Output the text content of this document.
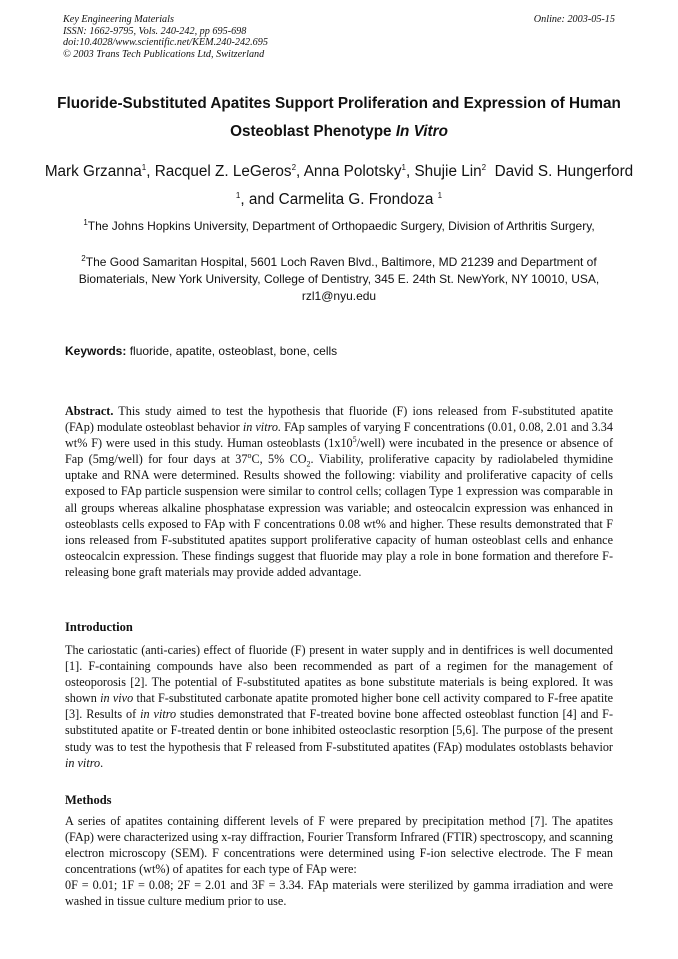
Key Engineering Materials
ISSN: 1662-9795, Vols. 240-242, pp 695-698
doi:10.4028/www.scientific.net/KEM.240-242.695
© 2003 Trans Tech Publications Ltd, Switzerland
Online: 2003-05-15
Fluoride-Substituted Apatites Support Proliferation and Expression of Human Osteoblast Phenotype In Vitro
Mark Grzanna$^1$, Racquel Z. LeGeros$^2$, Anna Polotsky$^1$, Shujie Lin$^2$ David S. Hungerford $^1$, and Carmelita G. Frondoza $^1$
$^1$The Johns Hopkins University, Department of Orthopaedic Surgery, Division of Arthritis Surgery,
$^2$The Good Samaritan Hospital, 5601 Loch Raven Blvd., Baltimore, MD 21239 and Department of Biomaterials, New York University, College of Dentistry, 345 E. 24th St. NewYork, NY 10010, USA,
rzl1@nyu.edu
Keywords: fluoride, apatite, osteoblast, bone, cells
Abstract. This study aimed to test the hypothesis that fluoride (F) ions released from F-substituted apatite (FAp) modulate osteoblast behavior in vitro. FAp samples of varying F concentrations (0.01, 0.08, 2.01 and 3.34 wt% F) were used in this study. Human osteoblasts $(1x10^5/well)$ were incubated in the presence or absence of Fap (5mg/well) for four days at 37$^o$C, 5% $CO_2$. Viability, proliferative capacity by radiolabeled thymidine uptake and RNA were determined. Results showed the following: viability and proliferative capacity of cells exposed to FAp particle suspension were similar to control cells; collagen Type 1 expression was comparable in all groups whereas alkaline phosphatase expression was variable; and osteocalcin expression was enhanced in osteoblasts cells exposed to FAp with F concentrations 0.08 wt% and higher. These results demonstrated that F ions released from F-substituted apatites support proliferative capacity of human osteoblast cells and enhance osteocalcin expression. These findings suggest that fluoride may play a role in bone formation and therefore F-releasing bone graft materials may provide added advantage.
Introduction
The cariostatic (anti-caries) effect of fluoride (F) present in water supply and in dentifrices is well documented [1]. F-containing compounds have also been recommended as part of a regimen for the management of osteoporosis [2]. The potential of F-substituted apatites as bone substitute materials is being explored. It was shown in vivo that F-substituted carbonate apatite promoted higher bone cell activity compared to F-free apatite [3]. Results of in vitro studies demonstrated that F-treated bovine bone affected osteoblast function [4] and F-substituted apatite or F-treated dentin or bone inhibited osteoclastic resorption [5,6]. The purpose of the present study was to test the hypothesis that F released from F-substituted apatites (FAp) modulates ostoblasts behavior in vitro.
Methods
A series of apatites containing different levels of F were prepared by precipitation method [7]. The apatites (FAp) were characterized using x-ray diffraction, Fourier Transform Infrared (FTIR) spectroscopy, and scanning electron microscopy (SEM). F concentrations were determined using F-ion selective electrode. The F mean concentrations (wt%) of apatites for each type of FAp were:
0F = 0.01; 1F = 0.08; 2F = 2.01 and 3F = 3.34. FAp materials were sterilized by gamma irradiation and were washed in tissue culture medium prior to use.
